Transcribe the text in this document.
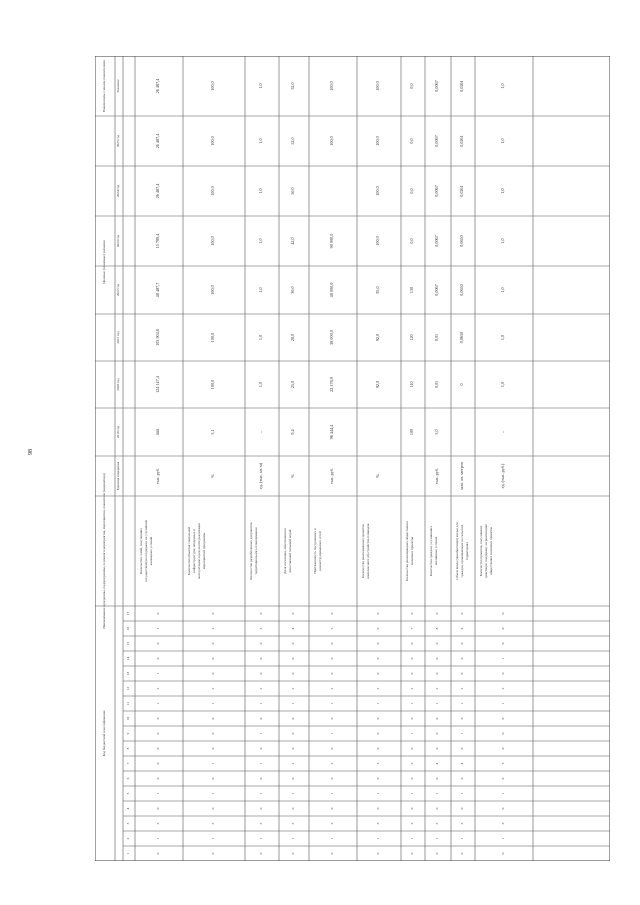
98
Код бюджетной классификации
Взаимосвязь с иными показателями
Целевые (плановые) значения
2019 год
Единица измерения
Наименование программы, подпрограммы, основного мероприятия, мероприятия, показателя (индикатора)
2020 год
2021 год
2022 год
2023 год
2024 год
2025 год
Значение
1
2
3
4
5
6
7
8
9
10
11
12
13
14
15
16
17
0
1
3
0
1
0
0
0
0
0
1
2
1
0
0
1
0
Количество семей, получивших государственную поддержку на улучшение жилищных условий
тыс. руб.
###
124 147,4
103 904,8
48 487,7
15 789,4
26 487,4
26 487,4
26 487,4
0
1
3
0
1
0
1
0
0
0
1
2
0
0
0
2
0
Количество объектов социальной инфраструктуры, введенных в эксплуатацию в результате реализации мероприятий программы
%
3,1
100,0
100,0
100,0
100,0
100,0
100,0
100,0
0
1
3
0
1
0
1
0
1
0
1
2
0
0
0
3
0
Количество разработанных документов территориального планирования
ед. (тыс. кв. м)
–
1,0
1,0
1,0
1,0
1,0
1,0
1,0
0
1
3
0
1
0
2
0
0
0
1
2
0
0
0
4
0
Доля населения, обеспеченного качественной питьевой водой
%
9,4
25,0
28,0
30,0
42,0
50,0
52,0
52,0
0
1
3
0
1
0
2
0
1
0
1
2
0
0
0
5
0
Протяженность построенных и реконструированных сетей
тыс. руб.
96 444,4
22 178,9
38 000,0
48 000,0
90 000,0
100,0
100,0
0
1
3
0
1
0
3
0
0
0
1
2
0
0
0
6
0
Количество реализованных проектов комплексного обустройства площадок
%
92,0
92,0
95,0
100,0
100,0
100,0
100,0
0
1
3
0
1
0
3
0
1
0
1
2
0
0
0
7
0
Количество реализованных общественно значимых проектов
100
110
120
130
0,0
0,0
0,0
0,0
0
1
3
0
1
0
4
0
0
0
1
2
0
0
0
8
0
Количество граждан, улучшивших жилищные условия
тыс. руб.
3,0
0,01
0,01
0,0067
0,0067
0,0067
0,0067
0,0067
0
1
3
0
1
0
4
0
1
0
1
2
0
0
0
9
0
Объем ввода (приобретения) жилья для граждан, проживающих на сельских территориях
млн. кв. метров
0
0,0650
0,0650
0,0650
0,0261
0,0261
0,0261
0
1
3
0
1
0
5
0
0
0
1
2
0
1
0
0
0
Количество проектов, получивших грантовую поддержку на реализацию общественно значимых проектов
ед. (тыс. руб.)
–
1,0
1,0
1,0
1,0
1,0
1,0
1,0
